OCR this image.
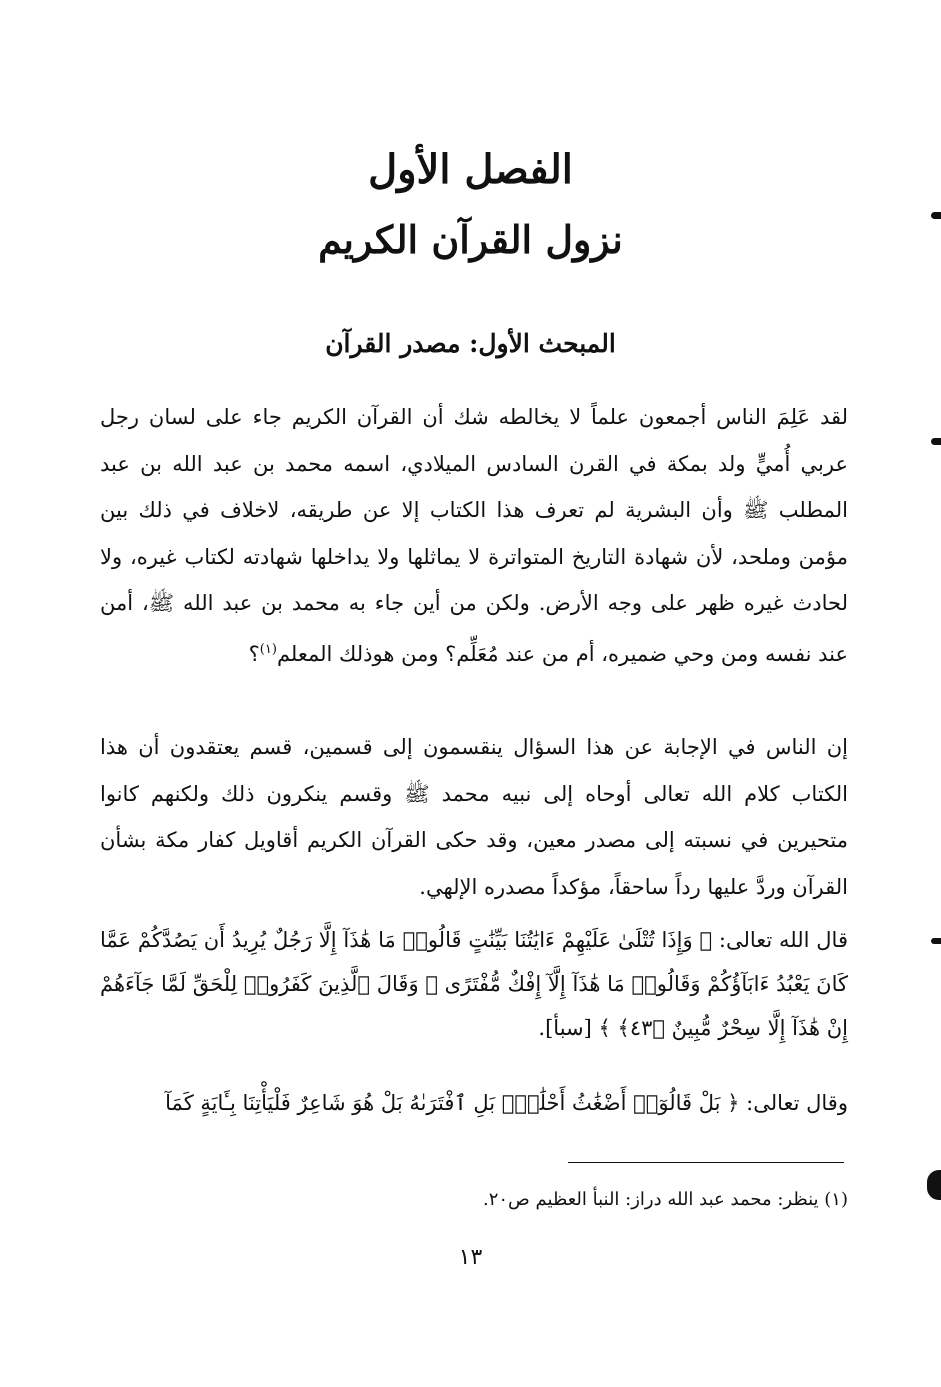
الفصل الأول
نزول القرآن الكريم
المبحث الأول: مصدر القرآن

لقد عَلِمَ الناس أجمعون علماً لا يخالطه شك أن القرآن الكريم جاء على لسان رجل عربي أُميٍّ ولد بمكة في القرن السادس الميلادي، اسمه محمد بن عبد الله بن عبد المطلب ﷺ وأن البشرية لم تعرف هذا الكتاب إلا عن طريقه، لاخلاف في ذلك بين مؤمن وملحد، لأن شهادة التاريخ المتواترة لا يماثلها ولا يداخلها شهادته لكتاب غيره، ولا لحادث غيره ظهر على وجه الأرض. ولكن من أين جاء به محمد بن عبد الله ﷺ، أمن عند نفسه ومن وحي ضميره، أم من عند مُعَلِّم؟ ومن هوذلك المعلم$^{(١)}$؟

إن الناس في الإجابة عن هذا السؤال ينقسمون إلى قسمين، قسم يعتقدون أن هذا الكتاب كلام الله تعالى أوحاه إلى نبيه محمد ﷺ وقسم ينكرون ذلك ولكنهم كانوا متحيرين في نسبته إلى مصدر معين، وقد حكى القرآن الكريم أقاويل كفار مكة بشأن القرآن وردَّ عليها رداً ساحقاً، مؤكداً مصدره الإلهي.

قال الله تعالى: ﴿ وَإِذَا تُتْلَىٰ عَلَيْهِمْ ءَايَٰتُنَا بَيِّنَٰتٍ قَالُوا۟ مَا هَٰذَآ إِلَّا رَجُلٌ يُرِيدُ أَن يَصُدَّكُمْ عَمَّا كَانَ يَعْبُدُ ءَابَآؤُكُمْ وَقَالُوا۟ مَا هَٰذَآ إِلَّآ إِفْكٌ مُّفْتَرًى ۚ وَقَالَ ٱلَّذِينَ كَفَرُوا۟ لِلْحَقِّ لَمَّا جَآءَهُمْ إِنْ هَٰذَآ إِلَّا سِحْرٌ مُّبِينٌ ﴿٤٣﴾ ﴾ [سبأ].

وقال تعالى: ﴿ بَلْ قَالُوٓا۟ أَضْغَٰثُ أَحْلَٰمٍۭ بَلِ ٱفْتَرَىٰهُ بَلْ هُوَ شَاعِرٌ فَلْيَأْتِنَا بِـَٔايَةٍ كَمَآ

(١) ينظر: محمد عبد الله دراز: النبأ العظيم ص٢٠.
١٣
